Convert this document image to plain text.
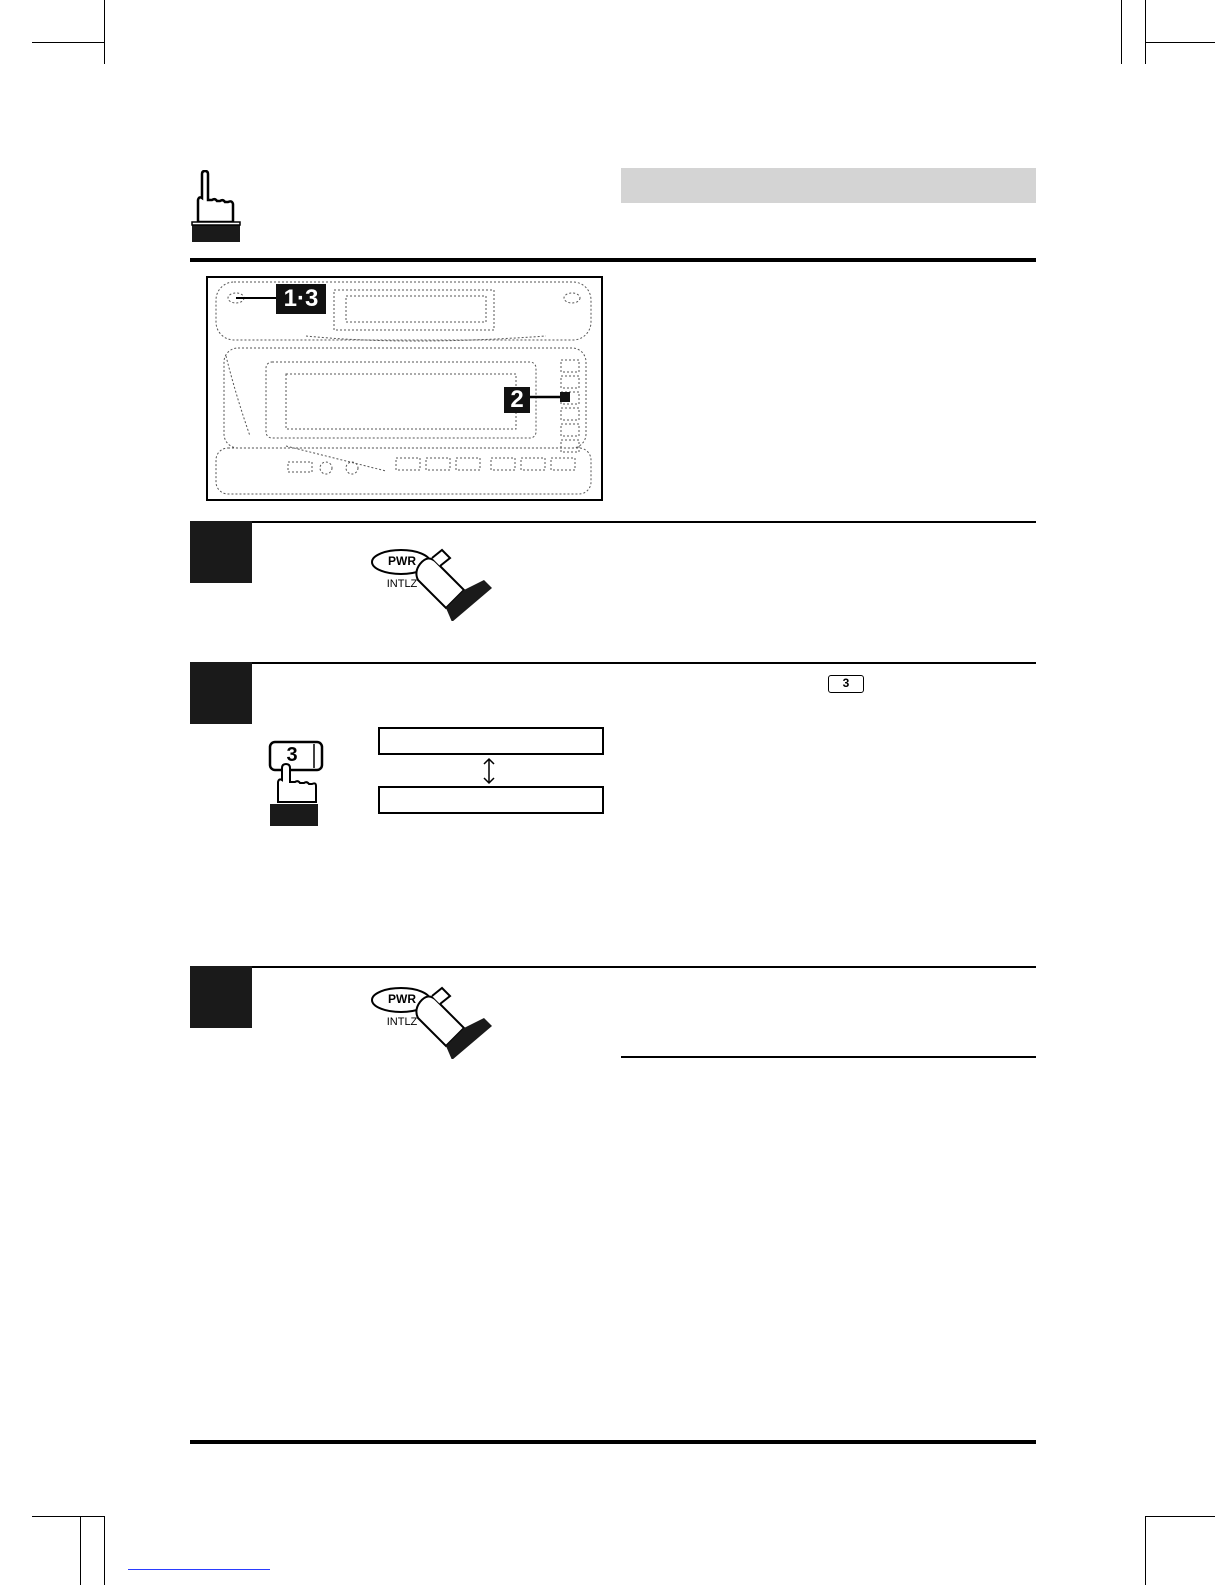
1·3
2
PWR
INTLZ
3
3
PWR
INTLZ
